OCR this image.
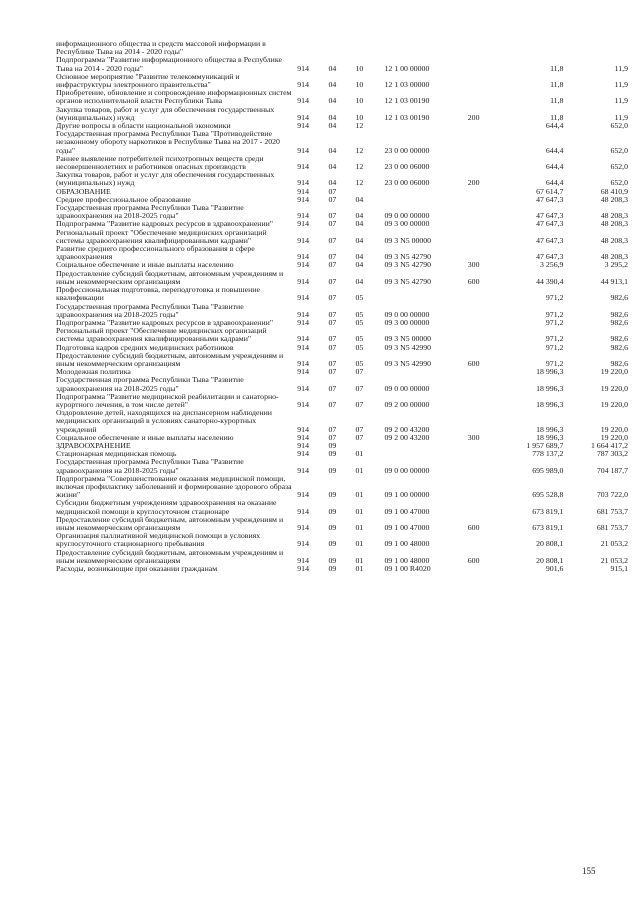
информационного общества и средств массовой информации в Республике Тыва на 2014 - 2020 годы"							
Подпрограмма "Развитие информационного общества в Республике Тыва на 2014 - 2020 годы"	914	04	10	12 1 00 00000		11,8	11,9
Основное мероприятие "Развитие телекоммуникаций и инфраструктуры электронного правительства"	914	04	10	12 1 03 00000		11,8	11,9
Приобретение, обновление и сопровождение информационных систем органов исполнительной власти Республики Тыва	914	04	10	12 1 03 00190		11,8	11,9
Закупка товаров, работ и услуг для обеспечения государственных (муниципальных) нужд	914	04	10	12 1 03 00190	200	11,8	11,9
Другие вопросы в области национальной экономики	914	04	12			644,4	652,0
Государственная программа Республики Тыва "Противодействие незаконному обороту наркотиков в Республике Тыва на 2017 - 2020 годы"	914	04	12	23 0 00 00000		644,4	652,0
Раннее выявление потребителей психотропных веществ среди несовершеннолетних и работников опасных производств	914	04	12	23 0 00 06000		644,4	652,0
Закупка товаров, работ и услуг для обеспечения государственных (муниципальных) нужд	914	04	12	23 0 00 06000	200	644,4	652,0
ОБРАЗОВАНИЕ	914	07				67 614,7	68 410,9
Среднее профессиональное образование	914	07	04			47 647,3	48 208,3
Государственная программа Республики Тыва "Развитие здравоохранения на 2018-2025 годы"	914	07	04	09 0 00 00000		47 647,3	48 208,3
Подпрограмма "Развитие кадровых ресурсов в здравоохранении"	914	07	04	09 3 00 00000		47 647,3	48 208,3
Региональный проект "Обеспечение медицинских организаций системы здравоохранения квалифицированными кадрами"	914	07	04	09 3 N5 00000		47 647,3	48 208,3
Развитие среднего профессионального образования в сфере здравоохранения	914	07	04	09 3 N5 42790		47 647,3	48 208,3
Социальное обеспечение и иные выплаты населению	914	07	04	09 3 N5 42790	300	3 256,9	3 295,2
Предоставление субсидий бюджетным, автономным учреждениям и иным некоммерческим организациям	914	07	04	09 3 N5 42790	600	44 390,4	44 913,1
Профессиональная подготовка, переподготовка и повышение квалификации	914	07	05			971,2	982,6
Государственная программа Республики Тыва "Развитие здравоохранения на 2018-2025 годы"	914	07	05	09 0 00 00000		971,2	982,6
Подпрограмма "Развитие кадровых ресурсов в здравоохранении"	914	07	05	09 3 00 00000		971,2	982,6
Региональный проект "Обеспечение медицинских организаций системы здравоохранения квалифицированными кадрами"	914	07	05	09 3 N5 00000		971,2	982,6
Подготовка кадров средних медицинских работников	914	07	05	09 3 N5 42990		971,2	982,6
Предоставление субсидий бюджетным, автономным учреждениям и иным некоммерческим организациям	914	07	05	09 3 N5 42990	600	971,2	982,6
Молодежная политика	914	07	07			18 996,3	19 220,0
Государственная программа Республики Тыва "Развитие здравоохранения на 2018-2025 годы"	914	07	07	09 0 00 00000		18 996,3	19 220,0
Подпрограмма "Развитие медицинской реабилитации и санаторно-курортного лечения, в том числе детей"	914	07	07	09 2 00 00000		18 996,3	19 220,0
Оздоровление детей, находящихся на диспансерном наблюдении медицинских организаций в условиях санаторно-курортных учреждений	914	07	07	09 2 00 43200		18 996,3	19 220,0
Социальное обеспечение и иные выплаты населению	914	07	07	09 2 00 43200	300	18 996,3	19 220,0
ЗДРАВООХРАНЕНИЕ	914	09				1 957 689,7	1 664 417,2
Стационарная медицинская помощь	914	09	01			778 137,2	787 303,2
Государственная программа Республики Тыва "Развитие здравоохранения на 2018-2025 годы"	914	09	01	09 0 00 00000		695 989,0	704 187,7
Подпрограмма "Совершенствование оказания медицинской помощи, включая профилактику заболеваний и формирование здорового образа жизни"	914	09	01	09 1 00 00000		695 528,8	703 722,0
Субсидии бюджетным учреждениям здравоохранения на оказание медицинской помощи в круглосуточном стационаре	914	09	01	09 1 00 47000		673 819,1	681 753,7
Предоставление субсидий бюджетным, автономным учреждениям и иным некоммерческим организациям	914	09	01	09 1 00 47000	600	673 819,1	681 753,7
Организация паллиативной медицинской помощи в условиях круглосуточного стационарного пребывания	914	09	01	09 1 00 48000		20 808,1	21 053,2
Предоставление субсидий бюджетным, автономным учреждениям и иным некоммерческим организациям	914	09	01	09 1 00 48000	600	20 808,1	21 053,2
Расходы, возникающие при оказании гражданам	914	09	01	09 1 00 R4020		901,6	915,1
155
